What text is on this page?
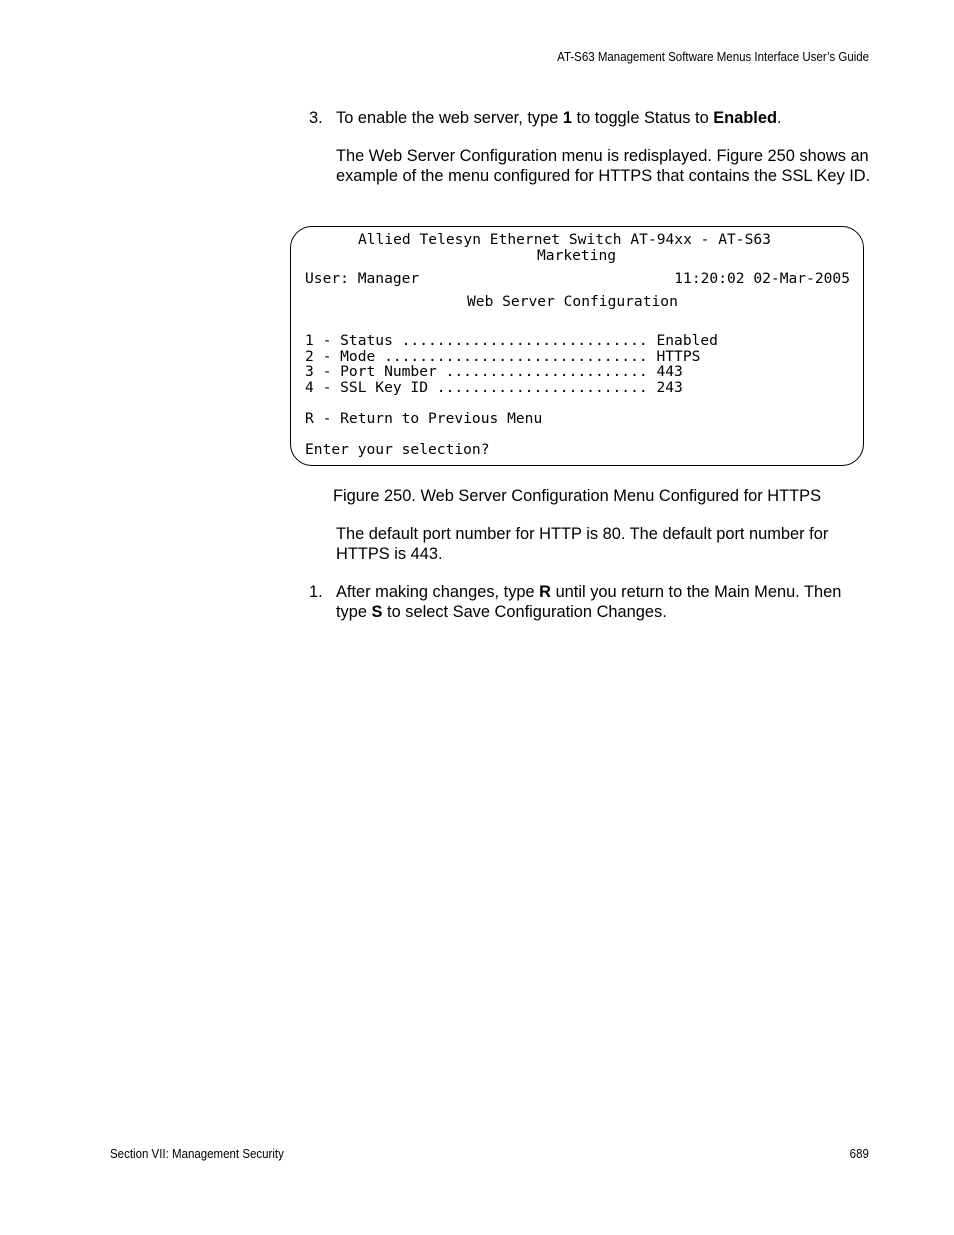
AT-S63 Management Software Menus Interface User’s Guide
3. To enable the web server, type 1 to toggle Status to Enabled.
The Web Server Configuration menu is redisplayed. Figure 250 shows an example of the menu configured for HTTPS that contains the SSL Key ID.
Allied Telesyn Ethernet Switch AT-94xx - AT-S63
Marketing
User: Manager	11:20:02 02-Mar-2005
Web Server Configuration
1 - Status ............................ Enabled
2 - Mode .............................. HTTPS
3 - Port Number ....................... 443
4 - SSL Key ID ........................ 243
R - Return to Previous Menu
Enter your selection?
Figure 250. Web Server Configuration Menu Configured for HTTPS
The default port number for HTTP is 80. The default port number for HTTPS is 443.
1. After making changes, type R until you return to the Main Menu. Then type S to select Save Configuration Changes.
Section VII: Management Security	689
